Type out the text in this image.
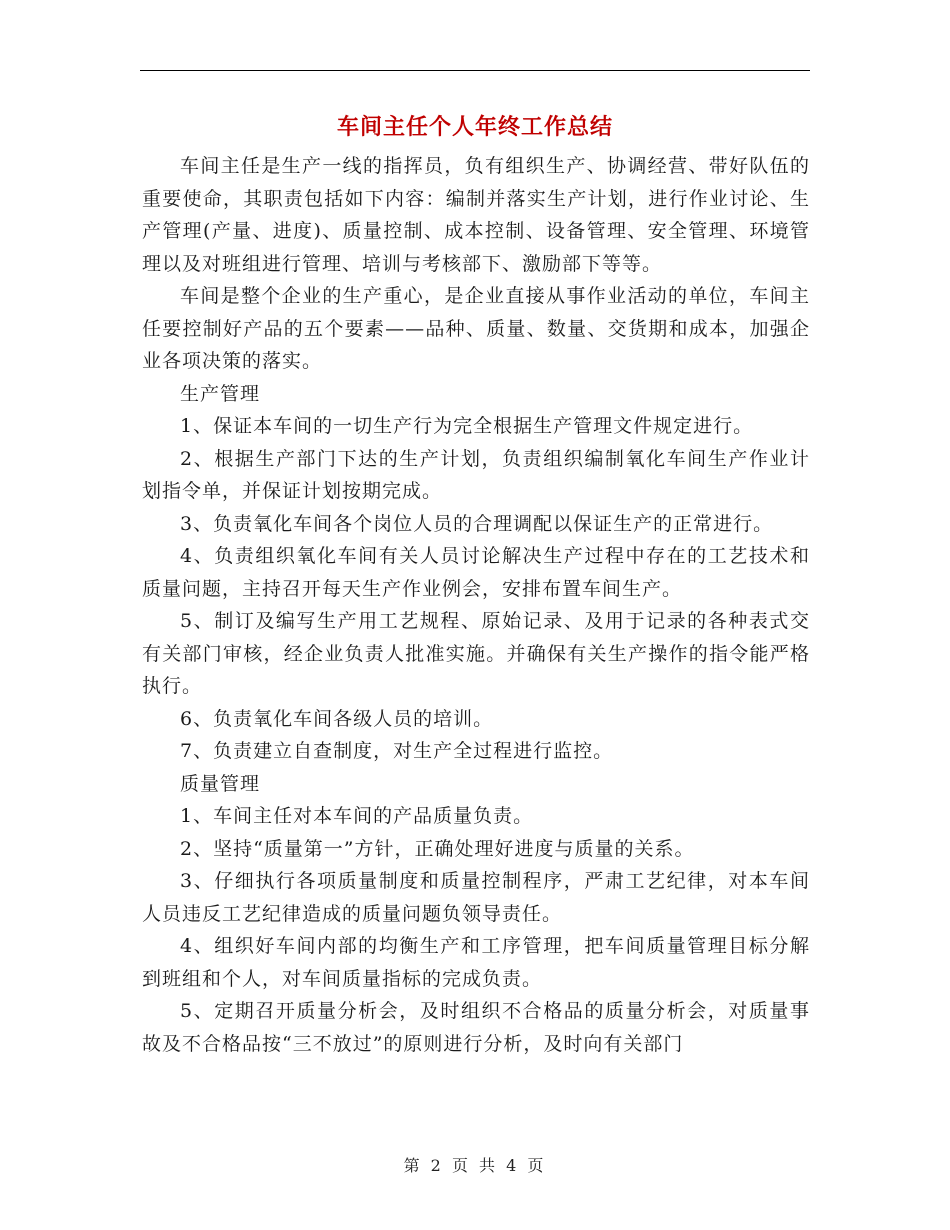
车间主任个人年终工作总结

车间主任是生产一线的指挥员，负有组织生产、协调经营、带好队伍的重要使命，其职责包括如下内容：编制并落实生产计划，进行作业讨论、生产管理(产量、进度)、质量控制、成本控制、设备管理、安全管理、环境管理以及对班组进行管理、培训与考核部下、激励部下等等。

车间是整个企业的生产重心，是企业直接从事作业活动的单位，车间主任要控制好产品的五个要素——品种、质量、数量、交货期和成本，加强企业各项决策的落实。

生产管理

1、保证本车间的一切生产行为完全根据生产管理文件规定进行。

2、根据生产部门下达的生产计划，负责组织编制氧化车间生产作业计划指令单，并保证计划按期完成。

3、负责氧化车间各个岗位人员的合理调配以保证生产的正常进行。

4、负责组织氧化车间有关人员讨论解决生产过程中存在的工艺技术和质量问题，主持召开每天生产作业例会，安排布置车间生产。

5、制订及编写生产用工艺规程、原始记录、及用于记录的各种表式交有关部门审核，经企业负责人批准实施。并确保有关生产操作的指令能严格执行。

6、负责氧化车间各级人员的培训。

7、负责建立自查制度，对生产全过程进行监控。

质量管理

1、车间主任对本车间的产品质量负责。

2、坚持“质量第一”方针，正确处理好进度与质量的关系。

3、仔细执行各项质量制度和质量控制程序，严肃工艺纪律，对本车间人员违反工艺纪律造成的质量问题负领导责任。

4、组织好车间内部的均衡生产和工序管理，把车间质量管理目标分解到班组和个人，对车间质量指标的完成负责。

5、定期召开质量分析会，及时组织不合格品的质量分析会，对质量事故及不合格品按“三不放过”的原则进行分析，及时向有关部门

第 2 页 共 4 页
